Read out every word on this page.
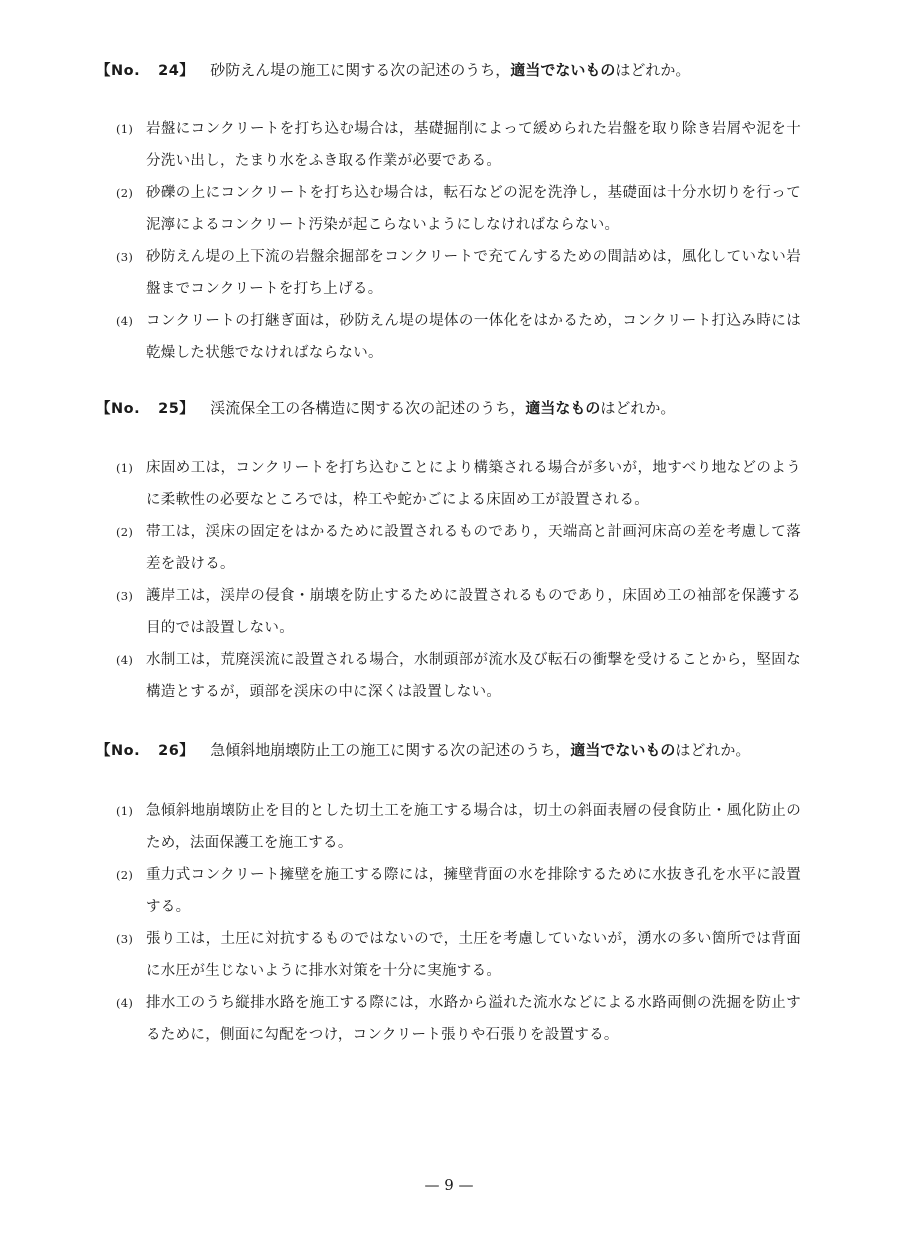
【No. 24】 砂防えん堤の施工に関する次の記述のうち，適当でないものはどれか。
(1) 岩盤にコンクリートを打ち込む場合は，基礎掘削によって緩められた岩盤を取り除き岩屑や泥を十分洗い出し，たまり水をふき取る作業が必要である。
(2) 砂礫の上にコンクリートを打ち込む場合は，転石などの泥を洗浄し，基礎面は十分水切りを行って泥濘によるコンクリート汚染が起こらないようにしなければならない。
(3) 砂防えん堤の上下流の岩盤余掘部をコンクリートで充てんするための間詰めは，風化していない岩盤までコンクリートを打ち上げる。
(4) コンクリートの打継ぎ面は，砂防えん堤の堤体の一体化をはかるため，コンクリート打込み時には乾燥した状態でなければならない。
【No. 25】 渓流保全工の各構造に関する次の記述のうち，適当なものはどれか。
(1) 床固め工は，コンクリートを打ち込むことにより構築される場合が多いが，地すべり地などのように柔軟性の必要なところでは，枠工や蛇かごによる床固め工が設置される。
(2) 帯工は，渓床の固定をはかるために設置されるものであり，天端高と計画河床高の差を考慮して落差を設ける。
(3) 護岸工は，渓岸の侵食・崩壊を防止するために設置されるものであり，床固め工の袖部を保護する目的では設置しない。
(4) 水制工は，荒廃渓流に設置される場合，水制頭部が流水及び転石の衝撃を受けることから，堅固な構造とするが，頭部を渓床の中に深くは設置しない。
【No. 26】 急傾斜地崩壊防止工の施工に関する次の記述のうち，適当でないものはどれか。
(1) 急傾斜地崩壊防止を目的とした切土工を施工する場合は，切土の斜面表層の侵食防止・風化防止のため，法面保護工を施工する。
(2) 重力式コンクリート擁壁を施工する際には，擁壁背面の水を排除するために水抜き孔を水平に設置する。
(3) 張り工は，土圧に対抗するものではないので，土圧を考慮していないが，湧水の多い箇所では背面に水圧が生じないように排水対策を十分に実施する。
(4) 排水工のうち縦排水路を施工する際には，水路から溢れた流水などによる水路両側の洗掘を防止するために，側面に勾配をつけ，コンクリート張りや石張りを設置する。
— 9 —
